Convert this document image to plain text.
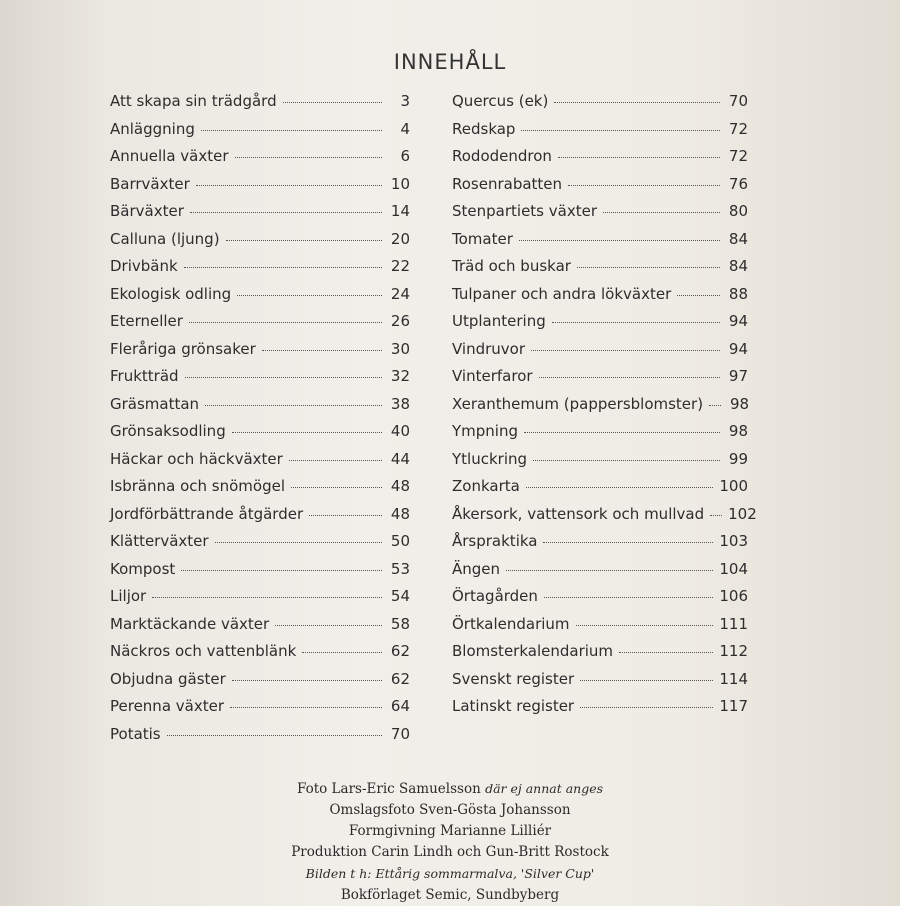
INNEHÅLL
Att skapa sin trädgård	3
Anläggning	4
Annuella växter	6
Barrväxter	10
Bärväxter	14
Calluna (ljung)	20
Drivbänk	22
Ekologisk odling	24
Eterneller	26
Fleråriga grönsaker	30
Fruktträd	32
Gräsmattan	38
Grönsaksodling	40
Häckar och häckväxter	44
Isbränna och snömögel	48
Jordförbättrande åtgärder	48
Klätterväxter	50
Kompost	53
Liljor	54
Marktäckande växter	58
Näckros och vattenblänk	62
Objudna gäster	62
Perenna växter	64
Potatis	70
Quercus (ek)	70
Redskap	72
Rododendron	72
Rosenrabatten	76
Stenpartiets växter	80
Tomater	84
Träd och buskar	84
Tulpaner och andra lökväxter	88
Utplantering	94
Vindruvor	94
Vinterfaror	97
Xeranthemum (pappersblomster) 98
Ympning	98
Ytluckring	99
Zonkarta	100
Åkersork, vattensork och mullvad 102
Årspraktika	103
Ängen	104
Örtagården	106
Örtkalendarium	111
Blomsterkalendarium	112
Svenskt register	114
Latinskt register	117
Foto Lars-Eric Samuelsson där ej annat anges
Omslagsfoto Sven-Gösta Johansson
Formgivning Marianne Lilliér
Produktion Carin Lindh och Gun-Britt Rostock
Bilden t h: Ettårig sommarmalva, 'Silver Cup'
Bokförlaget Semic, Sundbyberg
